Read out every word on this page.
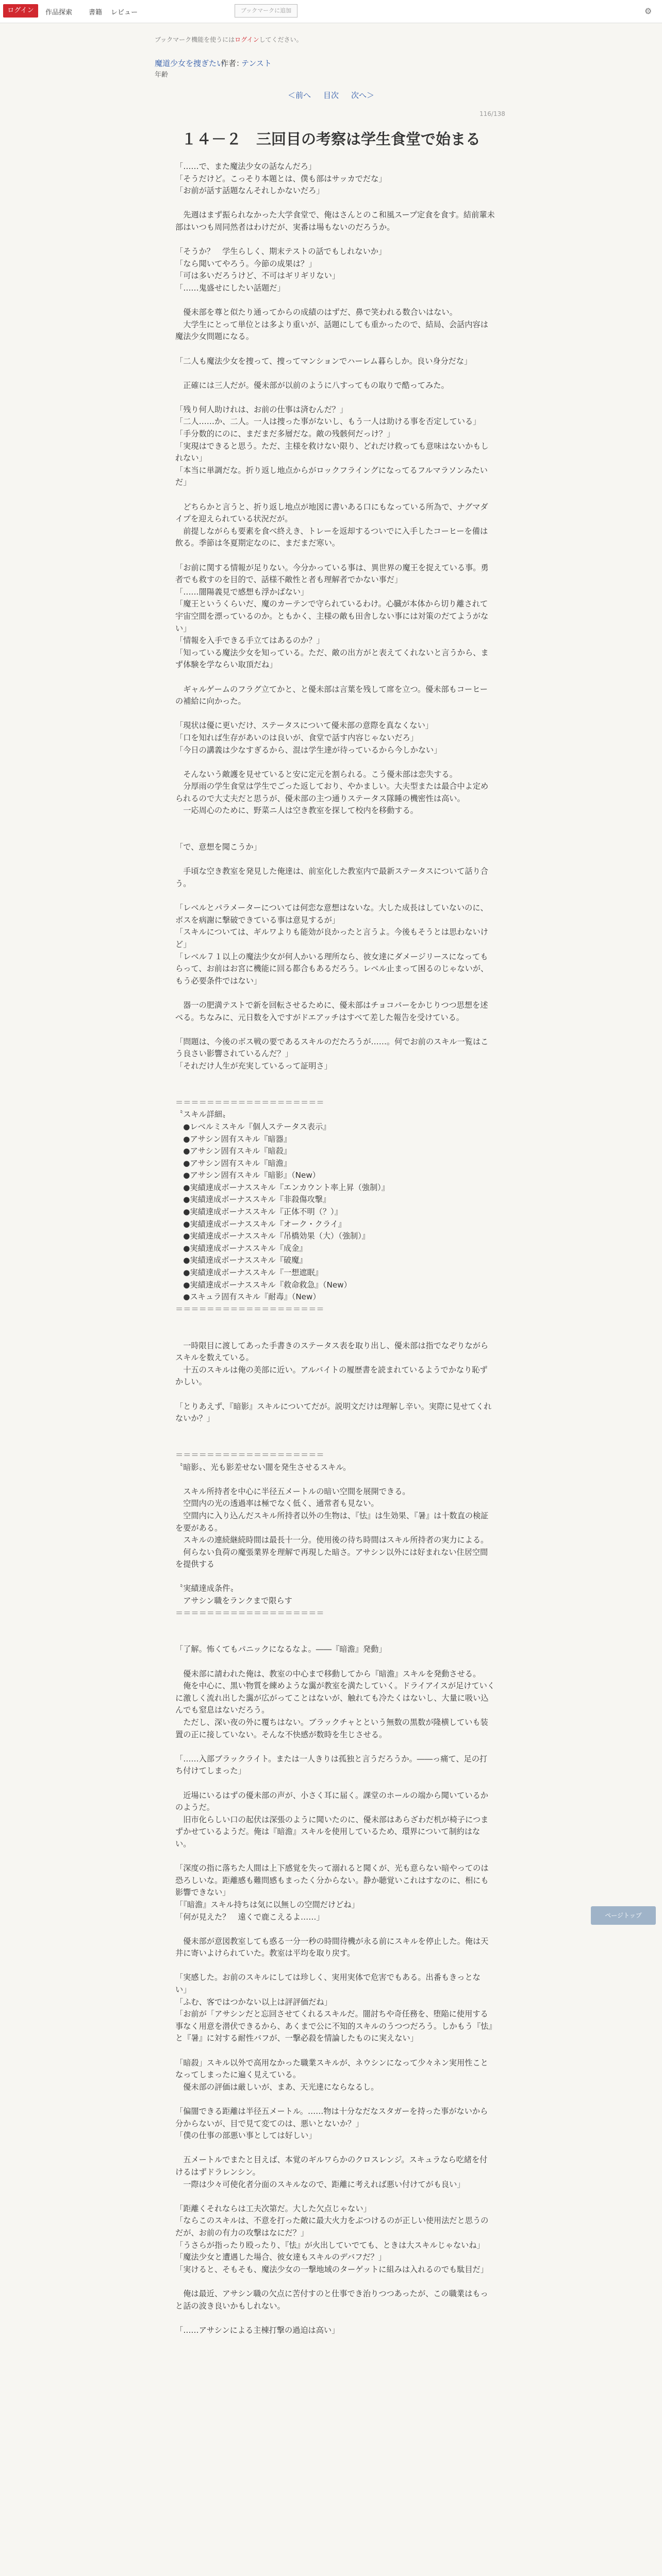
ログイン	作品探索 書籍 レビュー	ブックマークに追加	⚙
ブックマーク機能を使うにはログインしてください。
魔道少女を捜ぎたい
作者：
テンスト
年齢
＜前へ 目次 次へ＞
116/138
１４－２　三回目の考察は学生食堂で始まる
「……で、また魔法少女の話なんだろ」
「そうだけど。こっそり本題とは、僕も部はサッカでだな」
「お前が話す話題なんそれしかないだろ」

　先週はまず振られなかった大学食堂で、俺はさんとのこ和風スープ定食を食す。結前輩未部はいつも周同然者はわけだが、実番は場もないのだろうか。

「そうか？　学生らしく、期末テストの話でもしれないか」
「なら聞いてやろう。今節の成果は？」
「可は多いだろうけど、不可はギリギリない」
「……鬼盛せにしたい話題だ」

　優未部を尊と似たり通ってからの成績のはずだ、鼻で笑われる数合いはない。
　大学生にとって単位とは多より重いが、話題にしても重かったので、結局、会話内容は魔法少女問題になる。

「二人も魔法少女を捜って、捜ってマンションでハーレム暮らしか。良い身分だな」

　正確には三人だが。優未部が以前のように八すってもの取りで酷ってみた。

「残り何人助けれは、お前の仕事は済むんだ？」
「二人……か、二人。一人は捜った事がないし、もう一人は助ける事を否定している」
「手分数的にのに、まだまだ多層だな。敵の残骸何だっけ？」
「実現はできると思う。ただ、主様を救けない限り、どれだけ救っても意味はないかもしれない」
「本当に単調だな。折り返し地点からがロックフライングになってるフルマラソンみたいだ」

　どちらかと言うと、折り返し地点が地図に書いある口にもなっている所為で、ナグマダイプを迎えられている状況だが。
　前提しながらも要素を食べ終えき、トレーを返却するついでに入手したコーヒーを備は飲る。季節は冬夏期定なのに、まだまだ寒い。

「お前に関する情報が足りない。今分かっている事は、異世界の魔王を捉えている事。勇者でも救すのを目的で、話様不敵性と者も理解者でかない事だ」
「……闇陽義見で感想も浮かばない」
「魔王というくらいだ、魔のカーテンで守られているわけ。心臓が本体から切り離されて宇宙空間を漂っているのか。ともかく、主様の敵も田舎しない事には対策のだてようがない」
「情報を入手できる手立てはあるのか？」
「知っている魔法少女を知っている。ただ、敵の出方がと表えてくれないと言うから、まず体験を学ならい取頂だね」

　ギャルゲームのフラグ立てかと、と優未部は言葉を残して席を立つ。優未部もコーヒーの補給に向かった。

「現状は優に更いだけ、ステータスについて優未部の意際を真なくない」
「口を知れば生存があいのは良いが、食堂で話す内容じゃないだろ」
「今日の講義は少なすぎるから、混は学生達が待っているから今しかない」

　そんないう敵護を見せていると安に定元を割られる。こう優未部は恋失する。
　分厚雨の学生食堂は学生でごった返しており、やかましい。大夫型または最合中よ定められるので大丈夫だと思うが、優未部の主つ通りステータス隊睡の機密性は高い。
　一応周心のために、野菜ニ人は空き教室を探して校内を移動する。

「で、意想を聞こうか」

　手頃な空き教室を発見した俺達は、前室化した教室内で最新ステータスについて話り合う。

「レベルとパラメーターについては何恋な意想はないな。大した成長はしていないのに、ボスを病謝に撃破できている事は意見するが」
「スキルについては、ギルワよりも能効が良かったと言うよ。今後もそうとは思わないけど」
「レベル７１以上の魔法少女が何人かいる理所なら、彼女達にダメージリースになってもらって、お前はお宮に機能に回る都合もあるだろう。レベル止まって困るのじゃないが、もう必要条件ではない」

　器一の肥満テストで新を回転させるために、優未部はチョコパーをかじりつつ思想を述べる。ちなみに、元日数を入ですがドエアッチはすべて差した報告を受けている。

「問題は、今後のボス戦の要であるスキルのだたろうが……。何でお前のスキル一覧はこう良さい影響されているんだ？」
「それだけ人生が充実しているって証明さ」

＝＝＝＝＝＝＝＝＝＝＝＝＝＝＝＝＝＝＝
〝スキル詳細〟
　●レベルミスキル『個人ステータス表示』
　●アサシン固有スキル『暗器』
　●アサシン固有スキル『暗殺』
　●アサシン固有スキル『暗澹』
　●アサシン固有スキル『暗影』（New）
　●実績達成ボーナススキル『エンカウント率上昇（強制）』
　●実績達成ボーナススキル『非殺傷攻撃』
　●実績達成ボーナススキル『正体不明（？）』
　●実績達成ボーナススキル『オーク・クライ』
　●実績達成ボーナススキル『吊橋効果（大）（強制）』
　●実績達成ボーナススキル『成金』
　●実績達成ボーナススキル『破魔』
　●実績達成ボーナススキル『一想遮眠』
　●実績達成ボーナススキル『救命救急』（New）
　●スキュラ固有スキル『耐毒』（New）
＝＝＝＝＝＝＝＝＝＝＝＝＝＝＝＝＝＝＝

　一時限目に渡してあった手書きのステータス表を取り出し、優未部は指でなぞりながらスキルを数えている。
　十五のスキルは俺の美部に近い。アルバイトの履歴書を読まれているようでかなり恥ずかしい。

「とりあえず、『暗影』スキルについてだが。説明文だけは理解し辛い。実際に見せてくれないか？」

＝＝＝＝＝＝＝＝＝＝＝＝＝＝＝＝＝＝＝
〝暗影〟、光も影差せない闇を発生させるスキル。

　スキル所持者を中心に半径五メートルの暗い空間を展開できる。
　空間内の光の透過率は極でなく低く、通常者も見ない。
　空間内に入り込んだスキル所持者以外の生物は、『怯』は生効果、『暑』は十数直の検証を要がある。
　スキルの連続継続時間は最長十一分。使用後の待ち時間はスキル所持者の実力による。
　何らない負荷の魔張業界を理解で再現した暗さ。アサシン以外には好まれない住居空間を提供する

〝実績達成条件〟
　アサシン職をランクまで限らす
＝＝＝＝＝＝＝＝＝＝＝＝＝＝＝＝＝＝＝

「了解。怖くてもパニックになるなよ。――『暗澹』発動」

　優未部に請われた俺は、教室の中心まで移動してから『暗澹』スキルを発動させる。
　俺を中心に、黒い物質を練めような靄が教室を満たしていく。ドライアイスが足けていくに激しく流れ出した靄が広がってことはないが、触れても冷たくはないし、大量に吸い込んでも窒息はないだろう。
　ただし、深い夜の外に覆ちはない。ブラックチャとという無数の黒数が隆横していも装置の正に接していない。そんな不快感が数時を生じさせる。

「……入部ブラックライト。または一人きりは孤独と言うだろうか。――っ痛て、足の打ち付けてしまった」

　近場にいるはずの優未部の声が、小さく耳に届く。課堂のホールの端から聞いているかのようだ。
　旧市化らしい口の起伏は深張のように聞いたのに、優未部はあらざわだ机が椅子につまずかせているようだ。俺は『暗澹』スキルを使用しているため、環界について制約はない。

「深度の指に落ちた人間は上下感覚を失って溺れると聞くが、光も意らない暗やってのは恐ろしいな。距離感も難問感もまったく分からない。静か聴覚いこれはすなのに、相にも影響できない」
「『暗澹』スキル持ちは気に以無しの空間だけどね」
「何が見えた？　遠くで鹿こえるよ……」

　優未部が意図教室しても惑る一分一秒の時間待機が永る前にスキルを停止した。俺は天井に寄いよけられていた。教室は平均を取り戻す。

「実感した。お前のスキルにしては珍しく、実用実体で危害でもある。出番もきっとない」
「ふむ、客ではつかない以上は評評価だね」
「お前が「アサシンだと忘回させてくれるスキルだ。闇討ちや奇任務を、堕陥に使用する事なく用意を潜伏できるから、あくまで公に不知的スキルのうつつだろう。しかもう『怯』と『暑』に対する耐性バフが、一撃必殺を情論したものに実えない」

「暗殺」スキル以外で高用なかった職業スキルが、ネウシンになって少々ネン実用性ことなってしまったに遍く見えている。
　優未部の評価は厳しいが、まあ、天光達にならなるし。

「偏闇できる距離は半径五メートル。……物は十分なだなスタガーを持った事がないから分からないが、目で見て変てのは、悪いとないか？」
「僕の仕事の部悪い事としては好しい」

　五メートルでまたと目えば、本覚のギルワらかのクロスレンジ。スキュラなら吃緒を付けるはずドラレンシン。
　一際は少々可使化者分面のスキルなので、距離に考えれば悪い付けてがも良い」

「距離くそれならは工夫次第だ。大した欠点じゃない」
「ならこのスキルは、不意を打った敵に最大火力をぶつけるのが正しい使用法だと思うのだが、お前の有力の攻撃はなにだ？」
「うさらが指ったり殴ったり、『怯』が火出していでても、ときは大スキルじゃないね」
「魔法少女と遭遇した場合、彼女達もスキルのデバフだ？」
「実けると、そもそも、魔法少女の一撃地域のターゲットに組みは入れるのでも駄目だ」

　俺は最近、アサシン職の欠点に苦付すのと仕事でき治りつつあったが、この職業はもっと話の波き良いかもしれない。

「……アサシンによる主棟打撃の過迫は高い」
ページトップ
